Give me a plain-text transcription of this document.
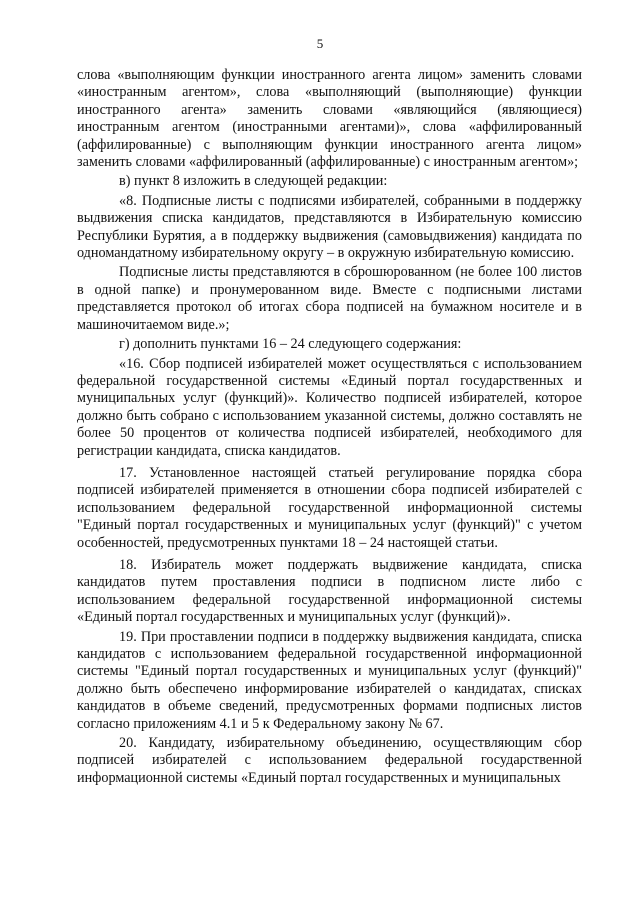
5

слова «выполняющим функции иностранного агента лицом» заменить словами «иностранным агентом», слова «выполняющий (выполняющие) функции иностранного агента» заменить словами «являющийся (являющиеся) иностранным агентом (иностранными агентами)», слова «аффилированный (аффилированные) с выполняющим функции иностранного агента лицом» заменить словами «аффилированный (аффилированные) с иностранным агентом»;

в) пункт 8 изложить в следующей редакции:

«8. Подписные листы с подписями избирателей, собранными в поддержку выдвижения списка кандидатов, представляются в Избирательную комиссию Республики Бурятия, а в поддержку выдвижения (самовыдвижения) кандидата по одномандатному избирательному округу – в окружную избирательную комиссию.

Подписные листы представляются в сброшюрованном (не более 100 листов в одной папке) и пронумерованном виде. Вместе с подписными листами представляется протокол об итогах сбора подписей на бумажном носителе и в машиночитаемом виде.»;

г) дополнить пунктами 16 – 24 следующего содержания:

«16. Сбор подписей избирателей может осуществляться с использованием федеральной государственной системы «Единый портал государственных и муниципальных услуг (функций)». Количество подписей избирателей, которое должно быть собрано с использованием указанной системы, должно составлять не более 50 процентов от количества подписей избирателей, необходимого для регистрации кандидата, списка кандидатов.

17. Установленное настоящей статьей регулирование порядка сбора подписей избирателей применяется в отношении сбора подписей избирателей с использованием федеральной государственной информационной системы "Единый портал государственных и муниципальных услуг (функций)" с учетом особенностей, предусмотренных пунктами 18 – 24 настоящей статьи.

18. Избиратель может поддержать выдвижение кандидата, списка кандидатов путем проставления подписи в подписном листе либо с использованием федеральной государственной информационной системы «Единый портал государственных и муниципальных услуг (функций)».

19. При проставлении подписи в поддержку выдвижения кандидата, списка кандидатов с использованием федеральной государственной информационной системы "Единый портал государственных и муниципальных услуг (функций)" должно быть обеспечено информирование избирателей о кандидатах, списках кандидатов в объеме сведений, предусмотренных формами подписных листов согласно приложениям 4.1 и 5 к Федеральному закону № 67.

20. Кандидату, избирательному объединению, осуществляющим сбор подписей избирателей с использованием федеральной государственной информационной системы «Единый портал государственных и муниципальных
